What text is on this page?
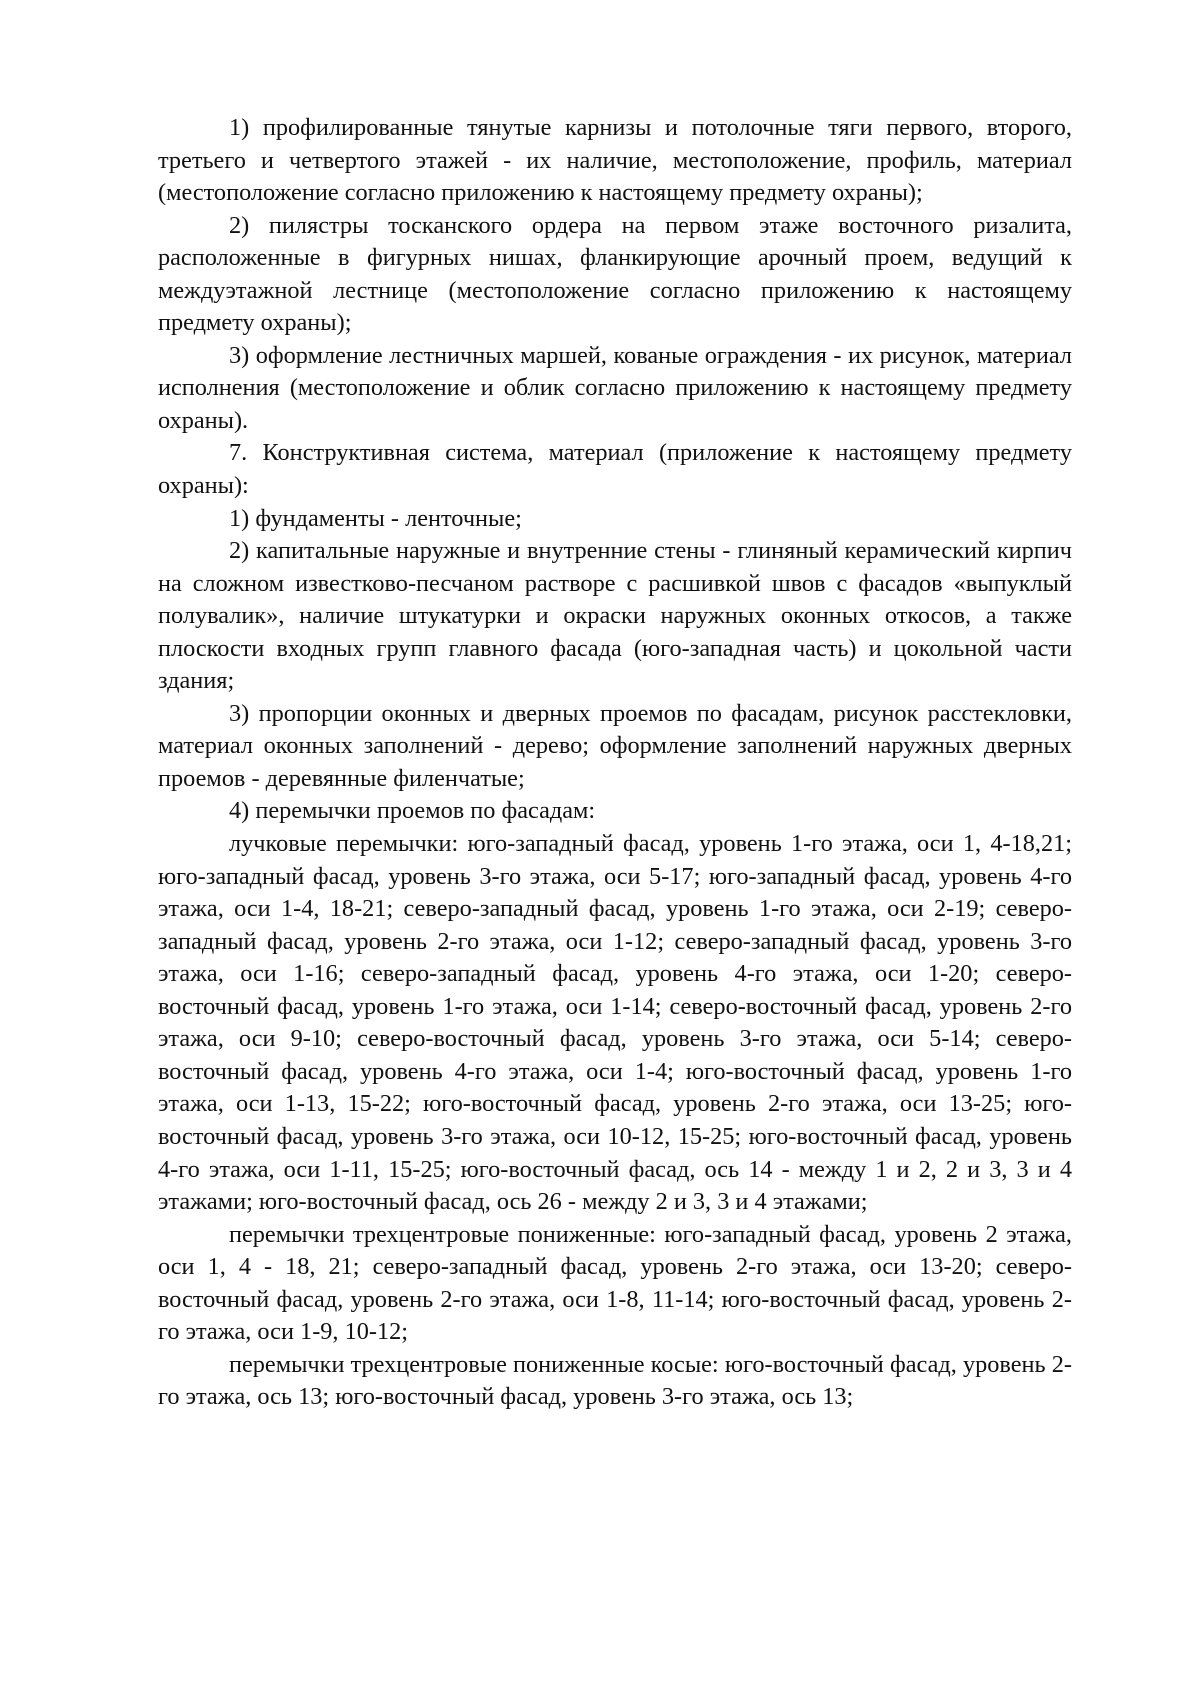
1) профилированные тянутые карнизы и потолочные тяги первого, второго, третьего и четвертого этажей - их наличие, местоположение, профиль, материал (местоположение согласно приложению к настоящему предмету охраны);

2) пилястры тосканского ордера на первом этаже восточного ризалита, расположенные в фигурных нишах, фланкирующие арочный проем, ведущий к междуэтажной лестнице (местоположение согласно приложению к настоящему предмету охраны);

3) оформление лестничных маршей, кованые ограждения - их рисунок, материал исполнения (местоположение и облик согласно приложению к настоящему предмету охраны).

7. Конструктивная система, материал (приложение к настоящему предмету охраны):

1) фундаменты - ленточные;

2) капитальные наружные и внутренние стены - глиняный керамический кирпич на сложном известково-песчаном растворе с расшивкой швов с фасадов «выпуклый полувалик», наличие штукатурки и окраски наружных оконных откосов, а также плоскости входных групп главного фасада (юго-западная часть) и цокольной части здания;

3) пропорции оконных и дверных проемов по фасадам, рисунок расстекловки, материал оконных заполнений - дерево; оформление заполнений наружных дверных проемов - деревянные филенчатые;

4) перемычки проемов по фасадам:

лучковые перемычки: юго-западный фасад, уровень 1-го этажа, оси 1, 4-18,21; юго-западный фасад, уровень 3-го этажа, оси 5-17; юго-западный фасад, уровень 4-го этажа, оси 1-4, 18-21; северо-западный фасад, уровень 1-го этажа, оси 2-19; северо-западный фасад, уровень 2-го этажа, оси 1-12; северо-западный фасад, уровень 3-го этажа, оси 1-16; северо-западный фасад, уровень 4-го этажа, оси 1-20; северо-восточный фасад, уровень 1-го этажа, оси 1-14; северо-восточный фасад, уровень 2-го этажа, оси 9-10; северо-восточный фасад, уровень 3-го этажа, оси 5-14; северо-восточный фасад, уровень 4-го этажа, оси 1-4; юго-восточный фасад, уровень 1-го этажа, оси 1-13, 15-22; юго-восточный фасад, уровень 2-го этажа, оси 13-25; юго-восточный фасад, уровень 3-го этажа, оси 10-12, 15-25; юго-восточный фасад, уровень 4-го этажа, оси 1-11, 15-25; юго-восточный фасад, ось 14 - между 1 и 2, 2 и 3, 3 и 4 этажами; юго-восточный фасад, ось 26 - между 2 и 3, 3 и 4 этажами;

перемычки трехцентровые пониженные: юго-западный фасад, уровень 2 этажа, оси 1, 4 - 18, 21; северо-западный фасад, уровень 2-го этажа, оси 13-20; северо-восточный фасад, уровень 2-го этажа, оси 1-8, 11-14; юго-восточный фасад, уровень 2-го этажа, оси 1-9, 10-12;

перемычки трехцентровые пониженные косые: юго-восточный фасад, уровень 2-го этажа, ось 13; юго-восточный фасад, уровень 3-го этажа, ось 13;
